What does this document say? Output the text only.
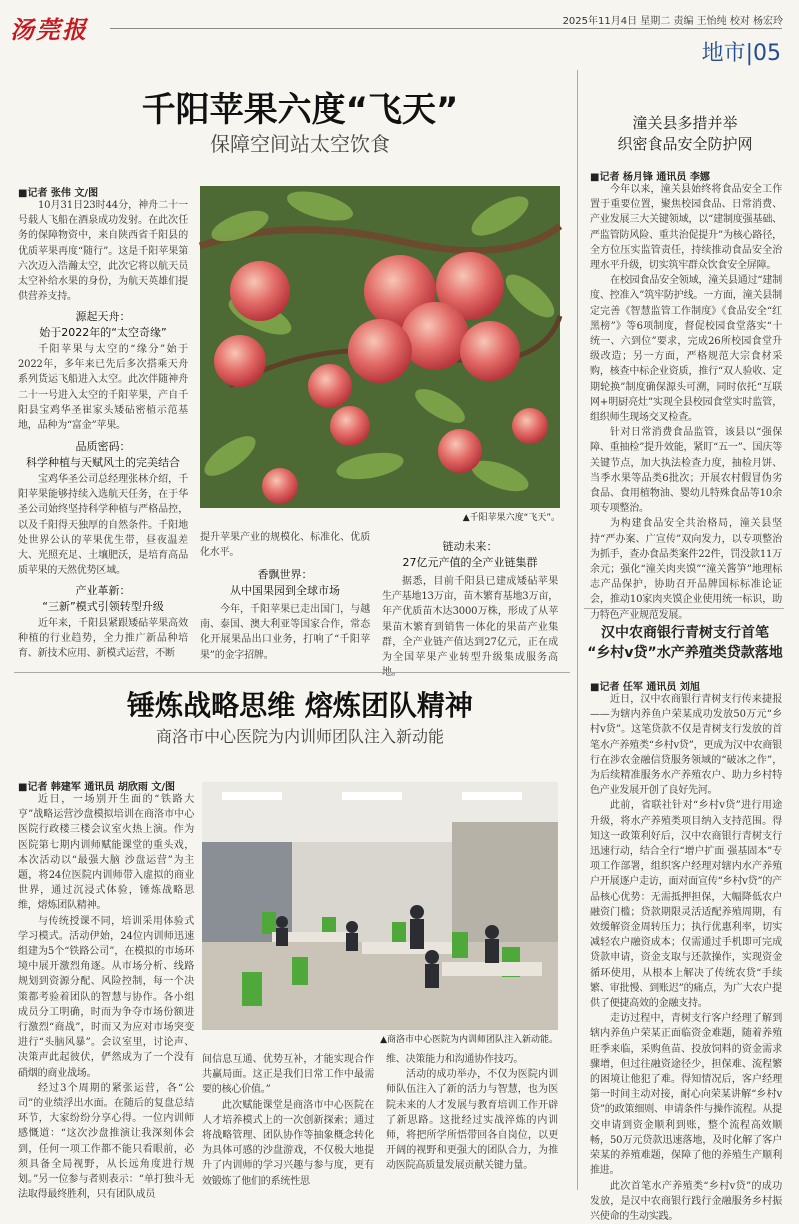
汤莞报	2025年11月4日 星期二 责编 王怡纯 校对 杨宏玲
地市|05
千阳苹果六度“飞天”
保障空间站太空饮食
■记者 张伟 文/图

10月31日23时44分，神舟二十一号载人飞船在酒泉成功发射。在此次任务的保障物资中，来自陕西省千阳县的优质苹果再度“随行”。这是千阳苹果第六次迈入浩瀚太空，此次它将以航天员太空补给水果的身份，为航天英雄们提供营养支持。

源起天舟：
始于2022年的“太空奇缘”

千阳苹果与太空的“缘分”始于2022年，多年来已先后多次搭乘天舟系列货运飞船进入太空。此次伴随神舟二十一号进入太空的千阳苹果，产自千阳县宝鸡华圣崔家头矮砧密植示范基地，品种为“富金”苹果。

品质密码：
科学种植与天赋风土的完美结合

宝鸡华圣公司总经理张林介绍，千阳苹果能够持续入选航天任务，在于华圣公司始终坚持科学种植与严格品控，以及千阳得天独厚的自然条件。千阳地处世界公认的苹果优生带，昼夜温差大、光照充足、土壤肥沃，是培育高品质苹果的天然优势区域。

产业革新：
“三新”模式引领转型升级

近年来，千阳县紧跟矮砧苹果高效种植的行业趋势，全力推广新品种培育、新技术应用、新模式运营，不断

▲千阳苹果六度“飞天”。

提升苹果产业的规模化、标准化、优质化水平。

香飘世界：
从中国果园到全球市场

今年，千阳苹果已走出国门，与越南、泰国、澳大利亚等国家合作，常态化开展果品出口业务，打响了“千阳苹果”的金字招牌。

链动未来：
27亿元产值的全产业链集群

据悉，目前千阳县已建成矮砧苹果生产基地13万亩，苗木繁育基地3万亩，年产优质苗木达3000万株，形成了从苹果苗木繁育到销售一体化的果苗产业集群，全产业链产值达到27亿元，正在成为全国苹果产业转型升级集成服务高

锤炼战略思维 熔炼团队精神
商洛市中心医院为内训师团队注入新动能
■记者 韩建军 通讯员 胡欣雨 文/图

近日，一场别开生面的“铁路大亨”战略运营沙盘模拟培训在商洛市中心医院行政楼三楼会议室火热上演。作为医院第七期内训师赋能课堂的重头戏，本次活动以“最强大脑 沙盘运营”为主题，将24位医院内训师带入虚拟的商业世界，通过沉浸式体验，锤炼战略思维，熔炼团队精神。

与传统授课不同，培训采用体验式学习模式。活动伊始，24位内训师迅速组建为5个“铁路公司”，在模拟的市场环境中展开激烈角逐。从市场分析、线路规划到资源分配、风险控制，每一个决策都考验着团队的智慧与协作。各小组成员分工明确，时而为争夺市场份额进行激烈“商战”，时而又为应对市场突变进行“头脑风暴”。会议室里，讨论声、决策声此起彼伏，俨然成为了一个没有硝烟的商业战场。

经过3个周期的紧张运营，各“公司”的业绩浮出水面。在随后的复盘总结环节，大家纷纷分享心得。一位内训师感慨道：“这次沙盘推演让我深刻体会到，任何一项工作都不能只看眼前，必须具备全局视野，从长远角度进行规划。”另一位参与者则表示：“单打独斗无法取得最终胜利，只有团队成员

▲商洛市中心医院为内训师团队注入新动能。

间信息互通、优势互补，才能实现合作共赢局面。这正是我们日常工作中最需要的核心价值。”

此次赋能课堂是商洛市中心医院在人才培养模式上的一次创新探索；通过将战略管理、团队协作等抽象概念转化为具体可感的沙盘游戏，不仅极大地提升了内训师的学习兴趣与参与度，更有效锻炼了他们的系统性思

维、决策能力和沟通协作技巧。

活动的成功举办，不仅为医院内训师队伍注入了新的活力与智慧，也为医院未来的人才发展与教育培训工作开辟了新思路。这批经过实战淬炼的内训师，将把所学所悟带回各自岗位，以更开阔的视野和更强大的团队合力，为推动医院高质量发展贡献关键力量。

潼关县多措并举
织密食品安全防护网
■记者 杨月锋 通讯员 李娜

今年以来，潼关县始终将食品安全工作置于重要位置，聚焦校园食品、日常消费、产业发展三大关键领域，以“建制度强基础、严监管防风险、重共治促提升”为核心路径，全方位压实监管责任，持续推动食品安全治理水平升级，切实筑牢群众饮食安全屏障。

在校园食品安全领域，潼关县通过“建制度、控准入”筑牢防护线。一方面，潼关县制定完善《智慧监管工作制度》《食品安全“红黑榜”》等6项制度，督促校园食堂落实“十统一、六到位”要求，完成26所校园食堂升级改造；另一方面，严格规范大宗食材采购，核查中标企业资质，推行“双人验收、定期轮换”制度确保源头可溯，同时依托“互联网+明厨亮灶”实现全县校园食堂实时监管，组织师生现场交叉检查。

针对日常消费食品监管，该县以“强保障、重抽检”提升效能，紧盯“五一”、国庆等关键节点，加大执法检查力度，抽检月饼、当季水果等品类6批次；开展农村假冒伪劣食品、食用植物油、婴幼儿特殊食品等10余项专项整治。

为构建食品安全共治格局，潼关县坚持“严办案、广宣传”双向发力，以专项整治为抓手，查办食品类案件22件，罚没款11万余元；强化“潼关肉夹馍”“潼关酱笋”地理标志产品保护，协助召开品牌国标标准论证会，推动10家肉夹馍企业使用统一标识，助力特色产业规范发展。

汉中农商银行青树支行首笔
“乡村v贷”水产养殖类贷款落地
■记者 任军 通讯员 刘旭

近日，汉中农商银行青树支行传来捷报——为辖内养鱼户荣某成功发放50万元“乡村v贷”。这笔贷款不仅是青树支行发放的首笔水产养殖类“乡村v贷”，更成为汉中农商银行在涉农金融信贷服务领域的“破冰之作”，为后续精准服务水产养殖农户、助力乡村特色产业发展开创了良好先河。

此前，省联社针对“乡村v贷”进行用途升级，将水产养殖类项目纳入支持范围。得知这一政策利好后，汉中农商银行青树支行迅速行动，结合全行“增户扩面 强基固本”专项工作部署，组织客户经理对辖内水产养殖户开展逐户走访，面对面宣传“乡村v贷”的产品核心优势：无需抵押担保，大幅降低农户融资门槛；贷款期限灵活适配养殖周期，有效缓解资金周转压力；执行优惠利率，切实减轻农户融资成本；仅需通过手机即可完成贷款申请，资金支取与还款操作，实现资金循环使用，从根本上解决了传统农贷“手续繁、审批慢、到账迟”的痛点，为广大农户提供了便捷高效的金融支持。

走访过程中，青树支行客户经理了解到辖内养鱼户荣某正面临资金难题，随着养殖旺季来临，采购鱼苗、投放饲料的资金需求骤增，但过往融资途径少，担保难、流程繁的困境让他犯了难。得知情况后，客户经理第一时间主动对接，耐心向荣某讲解“乡村v贷”的政策细则、申请条件与操作流程。从提交申请到资金顺利到账，整个流程高效顺畅，50万元贷款迅速落地，及时化解了客户荣某的养殖难题，保障了他的养殖生产顺利推进。

此次首笔水产养殖类“乡村v贷”的成功发放，是汉中农商银行践行金融服务乡村振兴使命的生动实践。
